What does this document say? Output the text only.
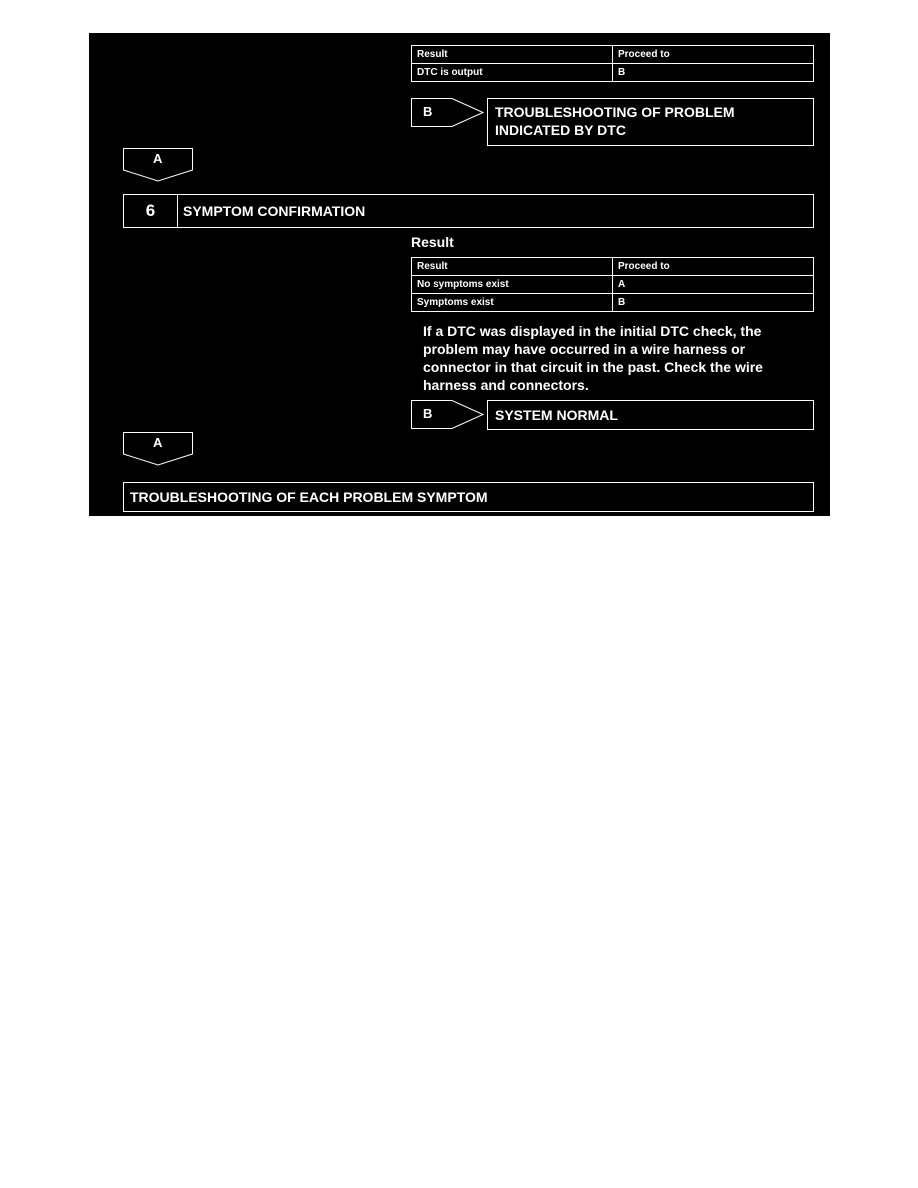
Result	Proceed to
DTC is output	B
B	TROUBLESHOOTING OF PROBLEM INDICATED BY DTC
A
6	SYMPTOM CONFIRMATION
Result
Result	Proceed to
No symptoms exist	A
Symptoms exist	B
If a DTC was displayed in the initial DTC check, the problem may have occurred in a wire harness or connector in that circuit in the past. Check the wire harness and connectors.
B	SYSTEM NORMAL
A
TROUBLESHOOTING OF EACH PROBLEM SYMPTOM
